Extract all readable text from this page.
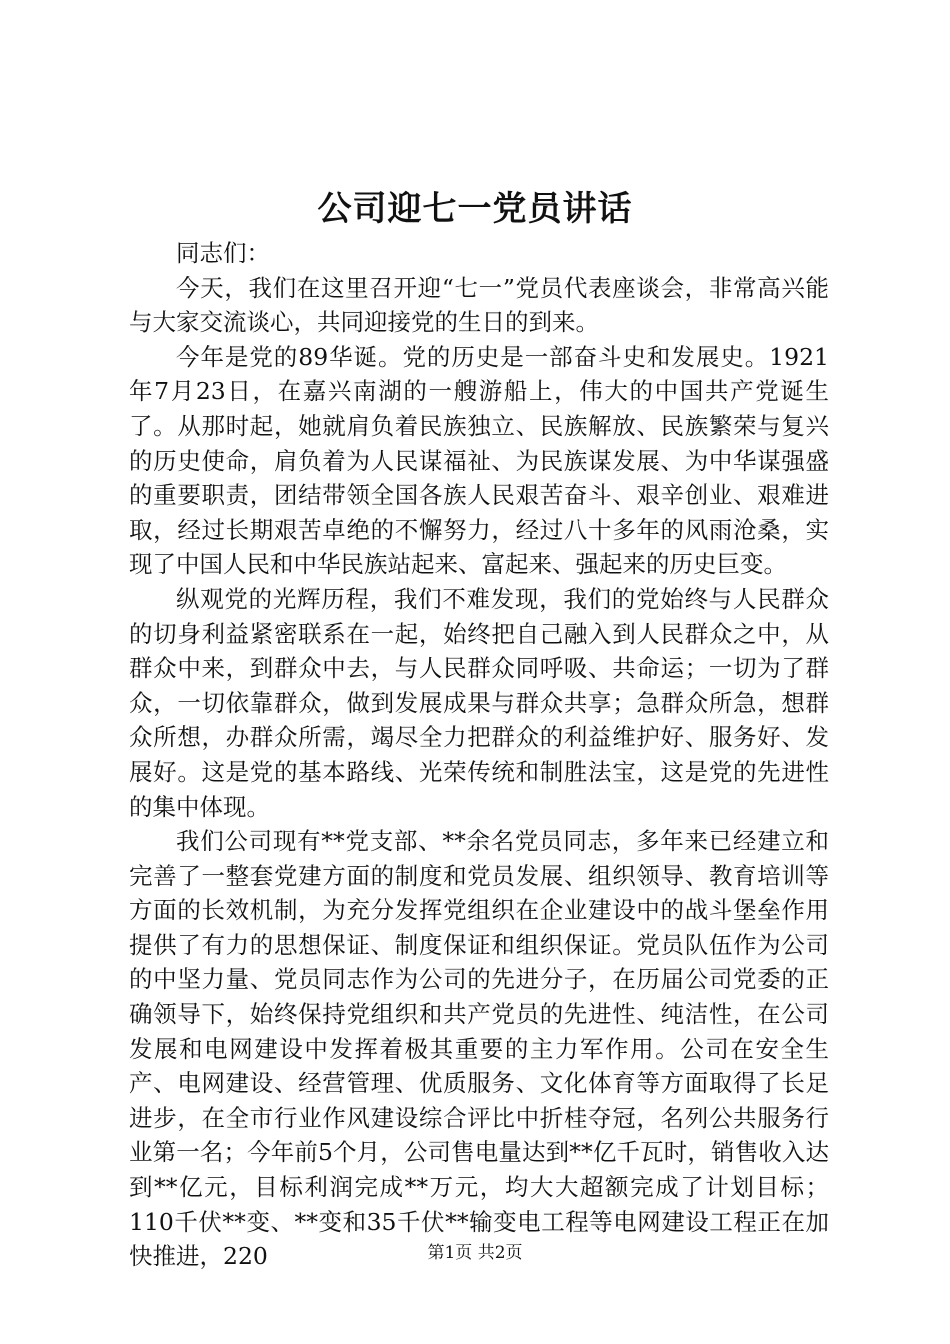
公司迎七一党员讲话

同志们：

今天，我们在这里召开迎“七一”党员代表座谈会，非常高兴能与大家交流谈心，共同迎接党的生日的到来。

今年是党的89华诞。党的历史是一部奋斗史和发展史。1921年7月23日，在嘉兴南湖的一艘游船上，伟大的中国共产党诞生了。从那时起，她就肩负着民族独立、民族解放、民族繁荣与复兴的历史使命，肩负着为人民谋福祉、为民族谋发展、为中华谋强盛的重要职责，团结带领全国各族人民艰苦奋斗、艰辛创业、艰难进取，经过长期艰苦卓绝的不懈努力，经过八十多年的风雨沧桑，实现了中国人民和中华民族站起来、富起来、强起来的历史巨变。

纵观党的光辉历程，我们不难发现，我们的党始终与人民群众的切身利益紧密联系在一起，始终把自己融入到人民群众之中，从群众中来，到群众中去，与人民群众同呼吸、共命运；一切为了群众，一切依靠群众，做到发展成果与群众共享；急群众所急，想群众所想，办群众所需，竭尽全力把群众的利益维护好、服务好、发展好。这是党的基本路线、光荣传统和制胜法宝，这是党的先进性的集中体现。

我们公司现有**党支部、**余名党员同志，多年来已经建立和完善了一整套党建方面的制度和党员发展、组织领导、教育培训等方面的长效机制，为充分发挥党组织在企业建设中的战斗堡垒作用提供了有力的思想保证、制度保证和组织保证。党员队伍作为公司的中坚力量、党员同志作为公司的先进分子，在历届公司党委的正确领导下，始终保持党组织和共产党员的先进性、纯洁性，在公司发展和电网建设中发挥着极其重要的主力军作用。公司在安全生产、电网建设、经营管理、优质服务、文化体育等方面取得了长足进步，在全市行业作风建设综合评比中折桂夺冠，名列公共服务行业第一名；今年前5个月，公司售电量达到**亿千瓦时，销售收入达到**亿元，目标利润完成**万元，均大大超额完成了计划目标；110千伏**变、**变和35千伏**输变电工程等电网建设工程正在加快推进，220	第1页 共2页
